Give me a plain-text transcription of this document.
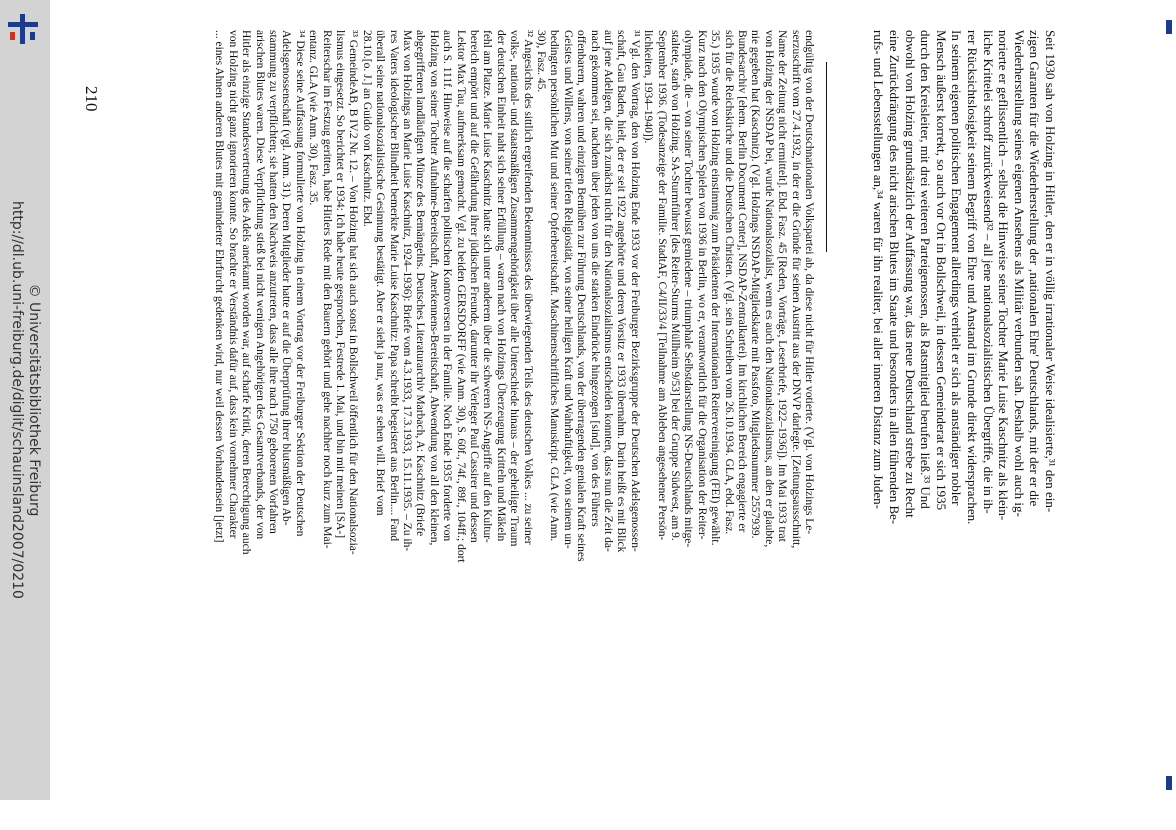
http://dl.ub.uni-freiburg.de/diglit/schauinsland2007/0210 © Universitätsbibliothek Freiburg
210	Seit 1930 sah von Holzing in Hitler, den er in völlig irrationaler Weise idealisierte,³¹ den ein-
zigen Garanten für die Wiederherstellung der ‚nationalen Ehre' Deutschlands, mit der er die
Wiederherstellung seines eigenen Ansehens als Militär verbunden sah. Deshalb wohl auch ig-
norierte er geflissentlich – selbst die Hinweise seiner Tochter Marie Luise Kaschnitz als klein-
liche Krittelei schroff zurückweisend³² – all jene nationalsozialistischen Übergriffe, die in ih-
rer Rücksichtslosigkeit seinem Begriff von Ehre und Anstand im Grunde direkt widersprachen.
In seinem eigenen politischen Engagement allerdings verhielt er sich als anständiger nobler
Mensch äußerst korrekt, so auch vor Ort in Bollschweil, in dessen Gemeinderat er sich 1935
durch den Kreisleiter, mit drei weiteren Parteigenossen, als Ratsmitglied berufen ließ.³³ Und
obwohl von Holzing grundsätzlich der Auffassung war, das neue Deutschland strebe zu Recht
eine Zurückdrängung des nicht arischen Blutes im Staate und besonders in allen führenden Be-
rufs- und Lebensstellungen an,³⁴ waren für ihn realiter, bei aller inneren Distanz zum Juden-
endgültig von der Deutschnationalen Volkspartei ab, da diese nicht für Hitler votierte. (Vgl. von Holzings Le-
serzuschrift vom 27.4.1932, in der er die Gründe für seinen Austritt aus der DNVP darlegte. [Zeitungsausschnitt,
Name der Zeitung nicht ermittelt]. Ebd. Fasz. 45 [Reden, Vorträge, Leserbriefe, 1922–1936]). Im Mai 1933 trat
von Holzing der NSDAP bei, wurde Nationalsozialist, wenn es auch den Nationalsozialismus, an den er glaubte,
nie gegeben hat (Kaschnitz). (Vgl. Holzings NSDAP-Mitgliedskarte mit Passfoto, Mitgliedsnummer 2557939.
Bundesarchiv [ehem. Berlin Document Center], NSDAP-Zentralkartei). Im kirchlichen Bereich engagierte er
sich für die Reichskirche und die Deutschen Christen. (Vgl. sein Schreiben vom 26.10.1934. GLA, ebd. Fasz.
35.) 1935 wurde von Holzing einstimmig zum Präsidenten der Internationalen Reitervereinigung (FEI) gewählt.
Kurz nach den Olympischen Spielen von 1936 in Berlin, wo er, verantwortlich für die Organisation der Reiter-
olympiade, die – von seiner Tochter bewusst gemiedene – triumphale Selbstdarstellung NS-Deutschlands mitge-
staltete, starb von Holzing. SA-Sturmführer [des Reiter-Sturms Müllheim 9/53] bei der Gruppe Südwest, am 9.
September 1936. (Todesanzeige der Familie. StadtAF, C4/II/33/4 [Teilnahme am Ableben angesehener Persön-
lichkeiten, 1934–1940]).
³¹ Vgl. den Vortrag, den von Holzing Ende 1933 vor der Freiburger Bezirksgruppe der Deutschen Adelsgenossen-
schaft, Gau Baden, hielt, der er seit 1922 angehörte und deren Vorsitz er 1933 übernahm. Darin heißt es mit Blick
auf jene Adeligen, die sich zunächst nicht für den Nationalsozialismus entscheiden konnten, dass nun die Zeit da-
nach gekommen sei, nachdem über jeden von uns die starken Eindrücke hingezogen [sind], von des Führers
offenbarem, wahren und einzigen Bemühen zur Führung Deutschlands, von der überragenden genialen Kraft seines
Geistes und Willens, von seiner tiefen Religiosität, von seiner heiligen Kraft und Wahrhaftigkeit, von seinem un-
bedingten persönlichen Mut und seiner Opferbereitschaft. Maschinenschriftliches Manuskript. GLA (wie Anm.
30), Fasz. 45.
³² Angesichts des sittlich ergreifenden Bekenntnisses des überwiegenden Teils des deutschen Volkes ... zu seiner
volks-, national- und staatsmäßigen Zusammengehörigkeit über alle Unterschiede hinaus – der geheiligte Traum
der deutschen Einheit naht sich seiner Erfüllung – waren nach von Holzings Überzeugung Kritteln und Mäkeln
fehl am Platze. Marie Luise Kaschnitz hatte sich unter anderem über die schweren NS-Angriffe auf den Kultur-
bereich empört und auf die Gefährdung ihrer jüdischen Freunde, darunter ihr Verleger Paul Cassirer und dessen
Lektor Max Tau, aufmerksam gemacht. Vgl. zu beiden GERSDORFF (wie Anm. 30), S. 60f., 74f., 89f., 104ff.; dort
auch S. 111f. Hinweise auf die scharfen politischen Kontroversen in der Familie. Noch Ende 1935 forderte von
Holzing von seiner Tochter Aufnahme-Bereitschaft, Anerkennens-Bereitschaft, Abwendung von all den kleinen,
abgegriffenen landläufigen Münze des Bemängelns. Deutsches Literaturarchiv Marbach, A: Kaschnitz (Briefe
Max von Holzings an Marie Luise Kaschnitz, 1924–1936): Briefe vom 4.3.1933, 17.3.1933, 15.11.1935. – Zu ih-
res Vaters ideologischer Blindheit bemerkte Marie Luise Kaschnitz: Papa schreibt begeistert aus Berlin.... Fand
überall seine nationalsozialistische Gesinnung bestätigt. Aber er sieht ja nur, was er sehen will. Brief vom
28.10.[o. J.] an Guido von Kaschnitz. Ebd.
³³ GemeindeAB, B IV.2 Nr. 12. – Von Holzing hat sich auch sonst in Bollschweil öffentlich für den Nationalsozia-
lismus eingesetzt. So berichtet er 1934: Ich habe heute gesprochen, Festrede 1. Mai, und bin mit meinen [SA-]
Reiterschar im Festzug geritten, habe Hitlers Rede mit den Bauern gehört und gehe nachher noch kurz zum Mai-
entanz. GLA (wie Anm. 30), Fasz. 35.
³⁴ Diese seine Auffassung formulierte von Holzing in einem Vortrag vor der Freiburger Sektion der Deutschen
Adelsgenossenschaft (vgl. Anm. 31). Deren Mitglieder hatte er auf die Überprüfung ihrer blutsmäßigen Ab-
stammung zu verpflichten; sie hatten den Nachweis anzutreten, dass alle ihre nach 1750 geborenen Vorfahren
arischen Blutes waren. Diese Verpflichtung stieß bei nicht wenigen Angehörigen des Gesamtverbands, der von
Hitler als einzige Standesvertretung des Adels anerkannt worden war, auf scharfe Kritik, deren Berechtigung auch
von Holzing nicht ganz ignorieren konnte. So brachte er Verständnis dafür auf, dass kein vornehmer Charakter
... eines Ahnen anderen Blutes mit geminderter Ehrfurcht gedenken wird, nur weil dessen Vorhandensein [jetzt]
